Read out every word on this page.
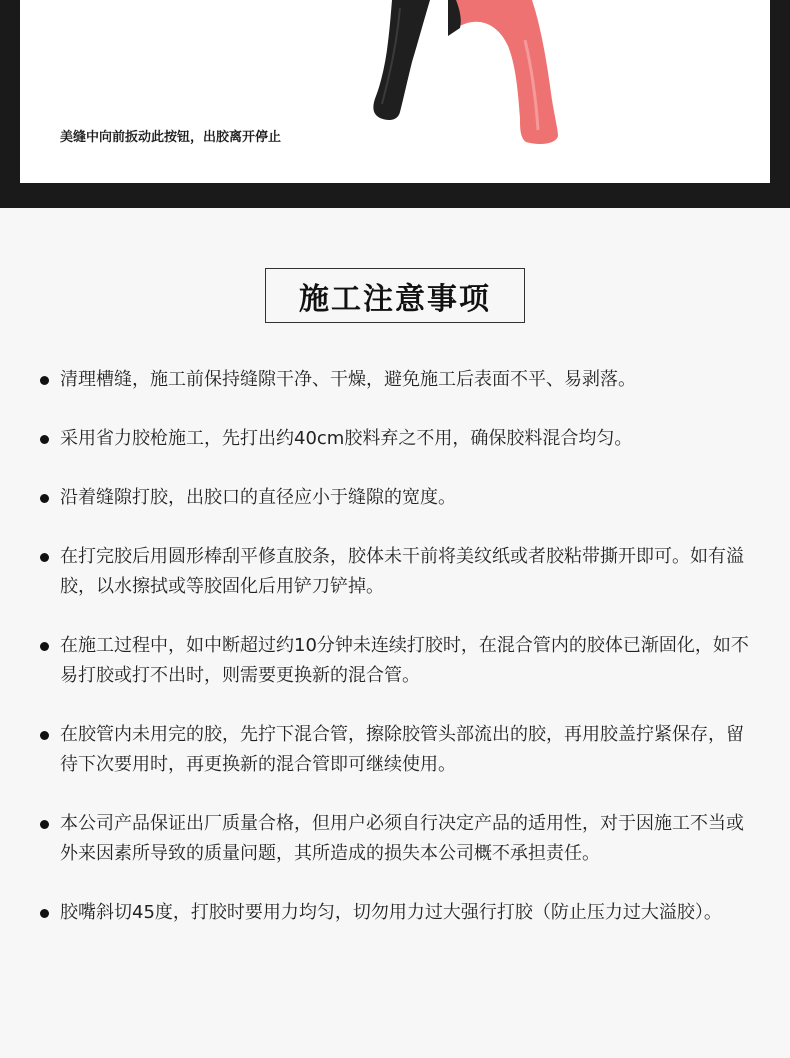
美缝中向前扳动此按钮，出胶离开停止
施工注意事项
清理槽缝，施工前保持缝隙干净、干燥，避免施工后表面不平、易剥落。
采用省力胶枪施工，先打出约40cm胶料弃之不用，确保胶料混合均匀。
沿着缝隙打胶，出胶口的直径应小于缝隙的宽度。
在打完胶后用圆形棒刮平修直胶条，胶体未干前将美纹纸或者胶粘带撕开即可。如有溢胶，以水擦拭或等胶固化后用铲刀铲掉。
在施工过程中，如中断超过约10分钟未连续打胶时，在混合管内的胶体已渐固化，如不易打胶或打不出时，则需要更换新的混合管。
在胶管内未用完的胶，先拧下混合管，擦除胶管头部流出的胶，再用胶盖拧紧保存，留待下次要用时，再更换新的混合管即可继续使用。
本公司产品保证出厂质量合格，但用户必须自行决定产品的适用性，对于因施工不当或外来因素所导致的质量问题，其所造成的损失本公司概不承担责任。
胶嘴斜切45度，打胶时要用力均匀，切勿用力过大强行打胶（防止压力过大溢胶）。
